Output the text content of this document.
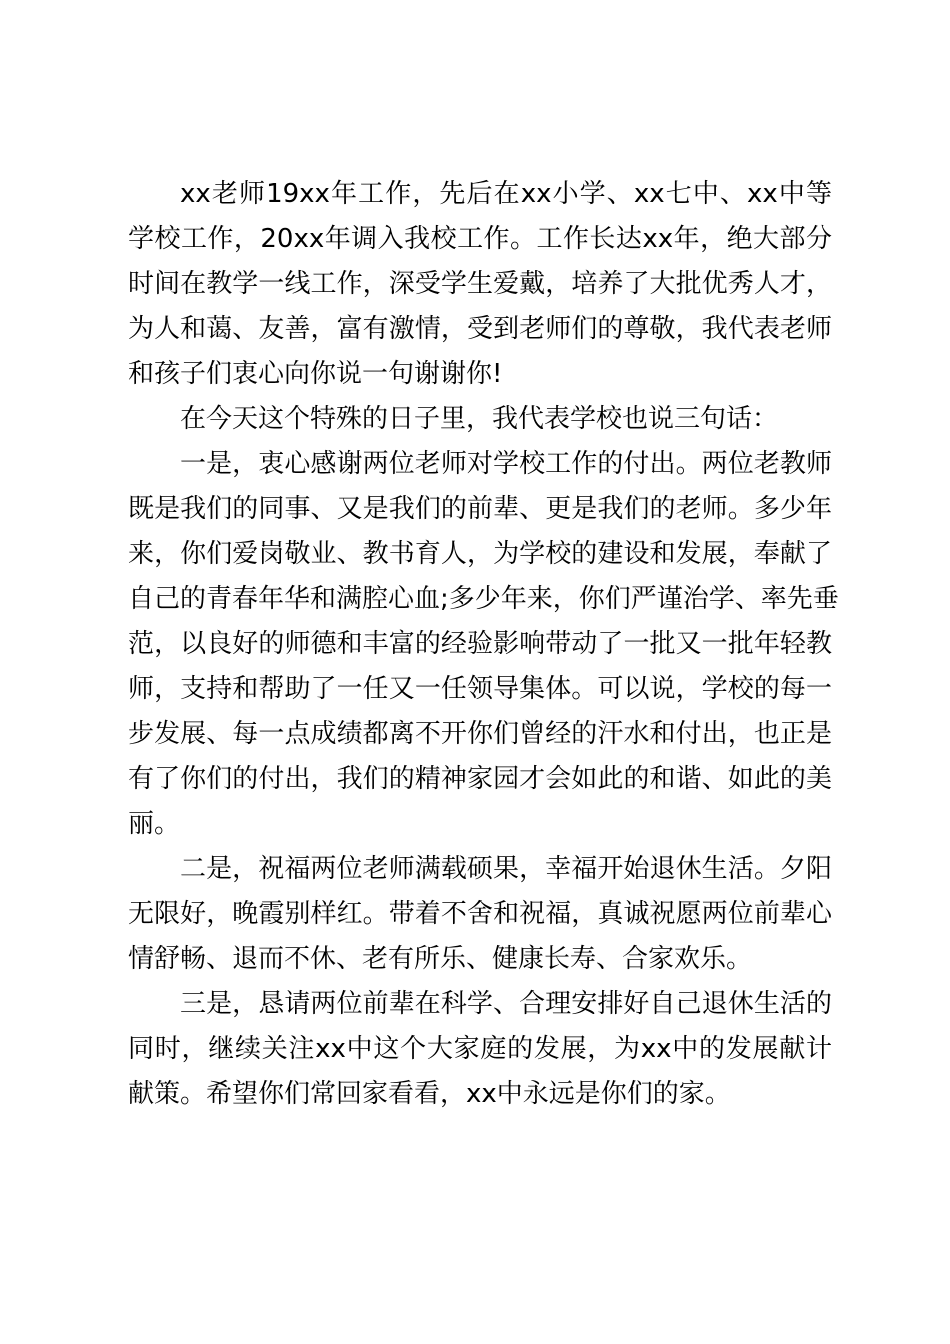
xx老师19xx年工作，先后在xx小学、xx七中、xx中等
学校工作，20xx年调入我校工作。工作长达xx年，绝大部分
时间在教学一线工作，深受学生爱戴，培养了大批优秀人才，
为人和蔼、友善，富有激情，受到老师们的尊敬，我代表老师
和孩子们衷心向你说一句谢谢你!
在今天这个特殊的日子里，我代表学校也说三句话：
一是，衷心感谢两位老师对学校工作的付出。两位老教师
既是我们的同事、又是我们的前辈、更是我们的老师。多少年
来，你们爱岗敬业、教书育人，为学校的建设和发展，奉献了
自己的青春年华和满腔心血;多少年来，你们严谨治学、率先垂
范，以良好的师德和丰富的经验影响带动了一批又一批年轻教
师，支持和帮助了一任又一任领导集体。可以说，学校的每一
步发展、每一点成绩都离不开你们曾经的汗水和付出，也正是
有了你们的付出，我们的精神家园才会如此的和谐、如此的美
丽。
二是，祝福两位老师满载硕果，幸福开始退休生活。夕阳
无限好，晚霞别样红。带着不舍和祝福，真诚祝愿两位前辈心
情舒畅、退而不休、老有所乐、健康长寿、合家欢乐。
三是，恳请两位前辈在科学、合理安排好自己退休生活的
同时，继续关注xx中这个大家庭的发展，为xx中的发展献计
献策。希望你们常回家看看，xx中永远是你们的家。
